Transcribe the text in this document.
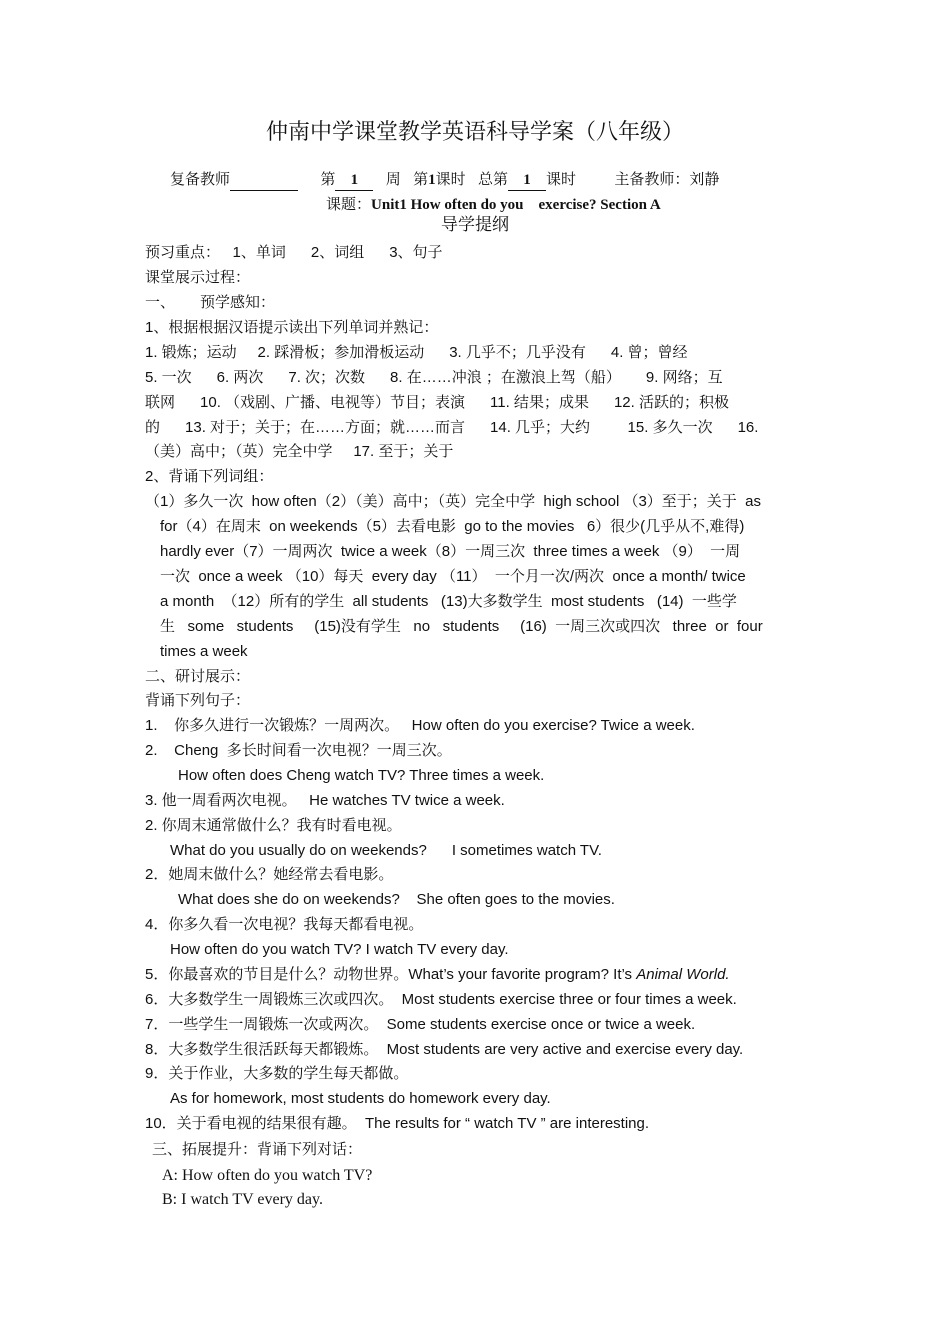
仲南中学课堂教学英语科导学案（八年级）
复备教师	第 1 周 第1课时 总第 1 课时	主备教师：刘静
课题：Unit1 How often do you    exercise? Section A
导学提纲
预习重点：   1、单词      2、词组      3、句子
课堂展示过程：
一、      预学感知：
1、根据根据汉语提示读出下列单词并熟记：
1. 锻炼；运动     2. 踩滑板；参加滑板运动      3. 几乎不；几乎没有      4. 曾；曾经
5. 一次      6. 两次      7. 次；次数      8. 在……冲浪 ；在激浪上驾（船）      9. 网络；互
联网      10. （戏剧、广播、电视等）节目；表演      11. 结果；成果      12. 活跃的；积极
的      13. 对于；关于；在……方面；就……而言      14. 几乎；大约         15. 多久一次      16.
（美）高中；（英）完全中学     17. 至于；关于
2、背诵下列词组：
（1）多久一次  how often（2）（美）高中；（英）完全中学  high school （3）至于；关于  as
for（4）在周末  on weekends（5）去看电影  go to the movies   6）很少(几乎从不,难得)
hardly ever（7）一周两次  twice a week（8）一周三次  three times a week （9）  一周
一次  once a week （10）每天  every day （11）  一个月一次/两次  once a month/ twice
a month  （12）所有的学生  all students   (13)大多数学生  most students   (14)  一些学
生   some   students     (15)没有学生   no   students     (16)  一周三次或四次   three  or  four
times a week
二、研讨展示：
背诵下列句子：
1.    你多久进行一次锻炼？一周两次。   How often do you exercise? Twice a week.
2.    Cheng  多长时间看一次电视？一周三次。
How often does Cheng watch TV? Three times a week.
3. 他一周看两次电视。   He watches TV twice a week.
2. 你周末通常做什么？我有时看电视。
What do you usually do on weekends?      I sometimes watch TV.
2．她周末做什么？她经常去看电影。
What does she do on weekends?    She often goes to the movies.
4．你多久看一次电视？我每天都看电视。
How often do you watch TV? I watch TV every day.
5．你最喜欢的节目是什么？动物世界。What’s your favorite program? It’s Animal World.
6．大多数学生一周锻炼三次或四次。  Most students exercise three or four times a week.
7．一些学生一周锻炼一次或两次。  Some students exercise once or twice a week.
8．大多数学生很活跃每天都锻炼。  Most students are very active and exercise every day.
9．关于作业，大多数的学生每天都做。
As for homework, most students do homework every day.
10．关于看电视的结果很有趣。  The results for “ watch TV ” are interesting.
三、拓展提升：背诵下列对话：
A: How often do you watch TV?
B: I watch TV every day.
